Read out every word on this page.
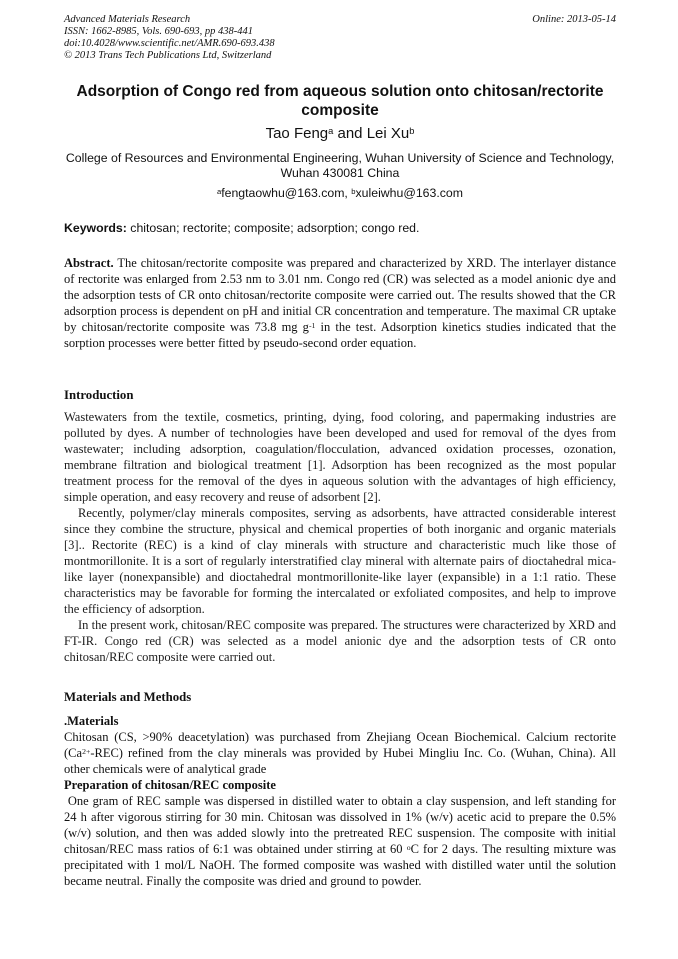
Advanced Materials Research
ISSN: 1662-8985, Vols. 690-693, pp 438-441
doi:10.4028/www.scientific.net/AMR.690-693.438
© 2013 Trans Tech Publications Ltd, Switzerland
Online: 2013-05-14
Adsorption of Congo red from aqueous solution onto chitosan/rectorite composite
Tao Feng$^a$ and Lei Xu$^b$
College of Resources and Environmental Engineering, Wuhan University of Science and Technology, Wuhan 430081 China
$^a$fengtaowhu@163.com, $^b$xuleiwhu@163.com
Keywords: chitosan; rectorite; composite; adsorption; congo red.
Abstract. The chitosan/rectorite composite was prepared and characterized by XRD. The interlayer distance of rectorite was enlarged from 2.53 nm to 3.01 nm. Congo red (CR) was selected as a model anionic dye and the adsorption tests of CR onto chitosan/rectorite composite were carried out. The results showed that the CR adsorption process is dependent on pH and initial CR concentration and temperature. The maximal CR uptake by chitosan/rectorite composite was 73.8 mg $g^{-1}$ in the test. Adsorption kinetics studies indicated that the sorption processes were better fitted by pseudo-second order equation.
Introduction

Wastewaters from the textile, cosmetics, printing, dying, food coloring, and papermaking industries are polluted by dyes. A number of technologies have been developed and used for removal of the dyes from wastewater; including adsorption, coagulation/flocculation, advanced oxidation processes, ozonation, membrane filtration and biological treatment [1]. Adsorption has been recognized as the most popular treatment process for the removal of the dyes in aqueous solution with the advantages of high efficiency, simple operation, and easy recovery and reuse of adsorbent [2].

Recently, polymer/clay minerals composites, serving as adsorbents, have attracted considerable interest since they combine the structure, physical and chemical properties of both inorganic and organic materials [3].. Rectorite (REC) is a kind of clay minerals with structure and characteristic much like those of montmorillonite. It is a sort of regularly interstratified clay mineral with alternate pairs of dioctahedral mica-like layer (nonexpansible) and dioctahedral montmorillonite-like layer (expansible) in a 1:1 ratio. These characteristics may be favorable for forming the intercalated or exfoliated composites, and help to improve the efficiency of adsorption.

In the present work, chitosan/REC composite was prepared. The structures were characterized by XRD and FT-IR. Congo red (CR) was selected as a model anionic dye and the adsorption tests of CR onto chitosan/REC composite were carried out.

Materials and Methods

.Materials

Chitosan (CS, >90% deacetylation) was purchased from Zhejiang Ocean Biochemical. Calcium rectorite $(Ca^{2+}-REC)$ refined from the clay minerals was provided by Hubei Mingliu Inc. Co. (Wuhan, China). All other chemicals were of analytical grade

Preparation of chitosan/REC composite

One gram of REC sample was dispersed in distilled water to obtain a clay suspension, and left standing for 24 h after vigorous stirring for 30 min. Chitosan was dissolved in 1% (w/v) acetic acid to prepare the 0.5% (w/v) solution, and then was added slowly into the pretreated REC suspension. The composite with initial chitosan/REC mass ratios of 6:1 was obtained under stirring at 60 $^o$C for 2 days. The resulting mixture was precipitated with 1 mol/L NaOH. The formed composite was washed with distilled water until the solution became neutral. Finally the composite was dried and ground to powder.
